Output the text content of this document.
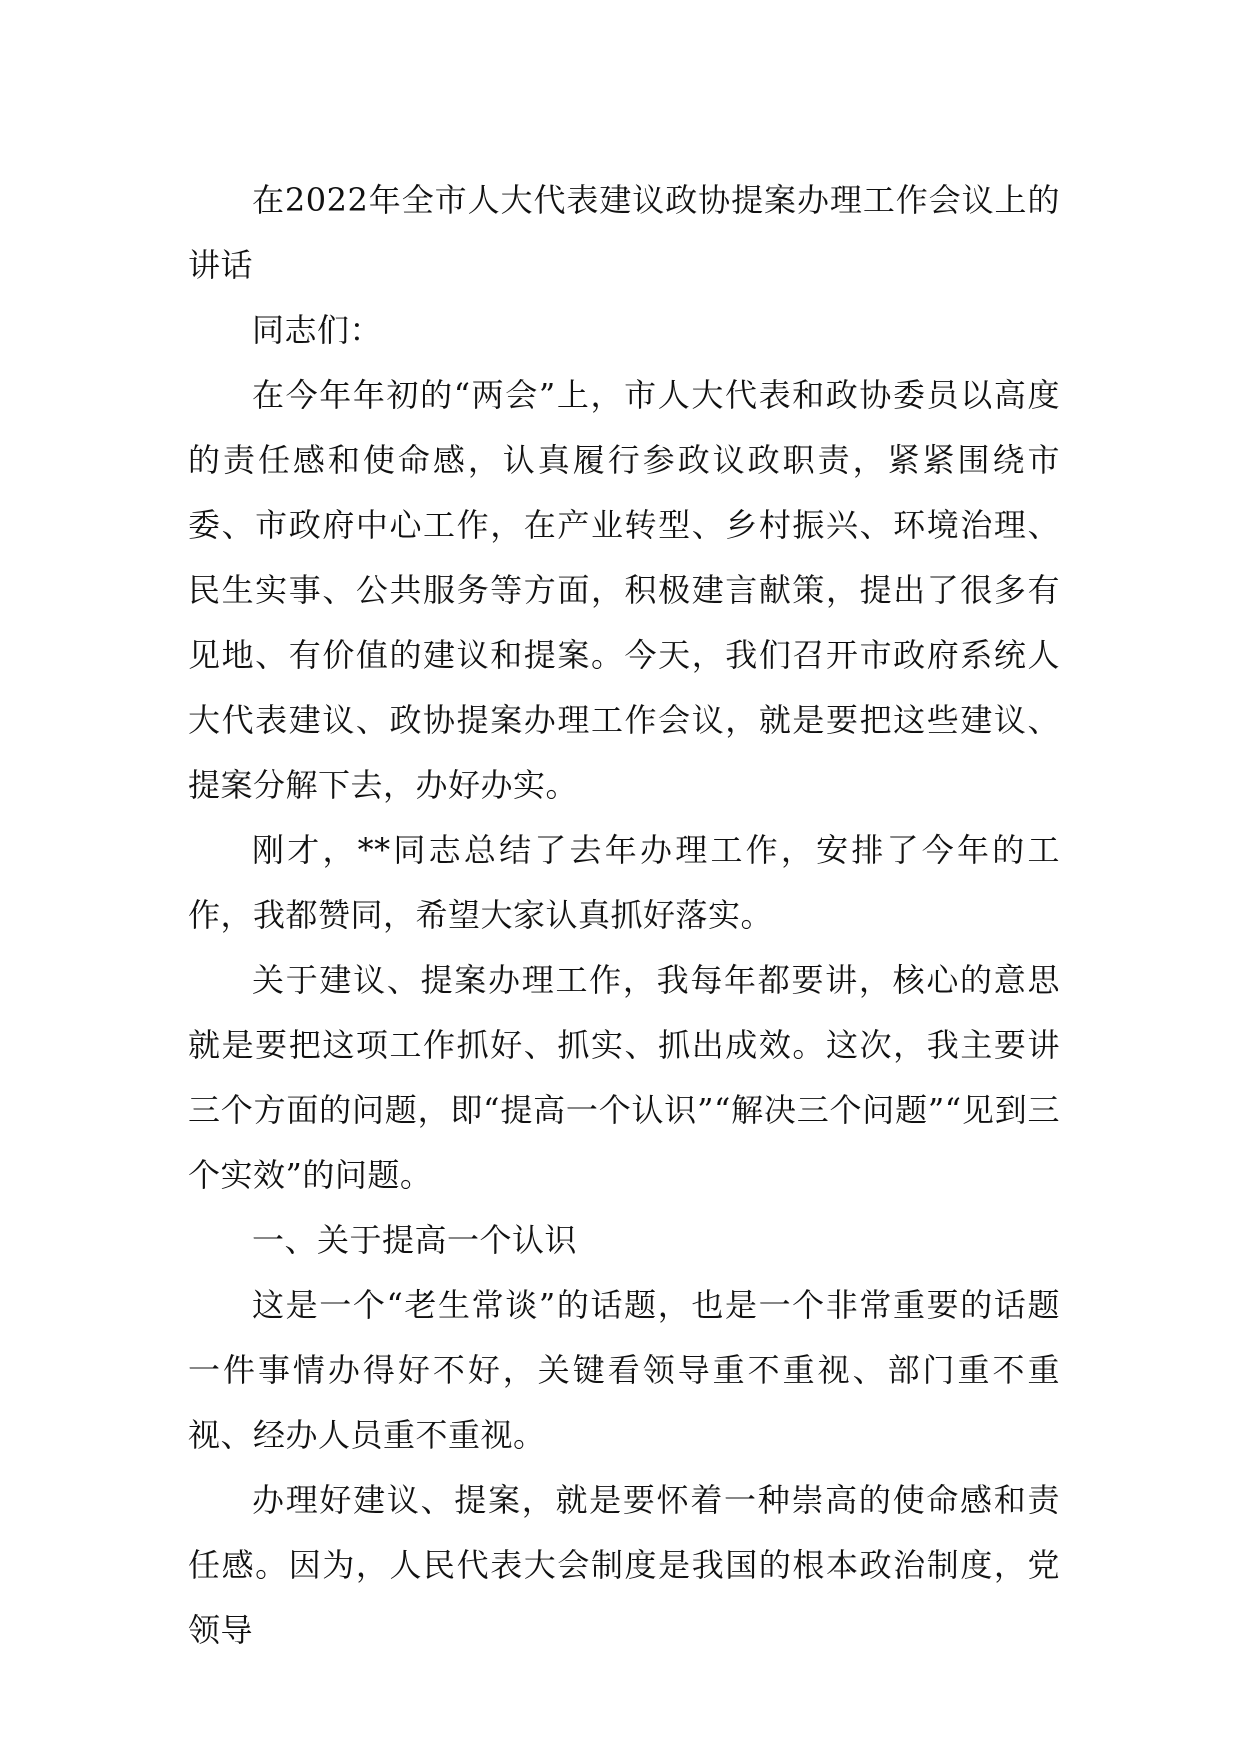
在2022年全市人大代表建议政协提案办理工作会议上的讲话

同志们：

在今年年初的“两会”上，市人大代表和政协委员以高度的责任感和使命感，认真履行参政议政职责，紧紧围绕市委、市政府中心工作，在产业转型、乡村振兴、环境治理、民生实事、公共服务等方面，积极建言献策，提出了很多有见地、有价值的建议和提案。今天，我们召开市政府系统人大代表建议、政协提案办理工作会议，就是要把这些建议、提案分解下去，办好办实。

刚才，**同志总结了去年办理工作，安排了今年的工作，我都赞同，希望大家认真抓好落实。

关于建议、提案办理工作，我每年都要讲，核心的意思就是要把这项工作抓好、抓实、抓出成效。这次，我主要讲三个方面的问题，即“提高一个认识”“解决三个问题”“见到三个实效”的问题。

一、关于提高一个认识

这是一个“老生常谈”的话题，也是一个非常重要的话题一件事情办得好不好，关键看领导重不重视、部门重不重视、经办人员重不重视。

办理好建议、提案，就是要怀着一种崇高的使命感和责任感。因为，人民代表大会制度是我国的根本政治制度，党领导
